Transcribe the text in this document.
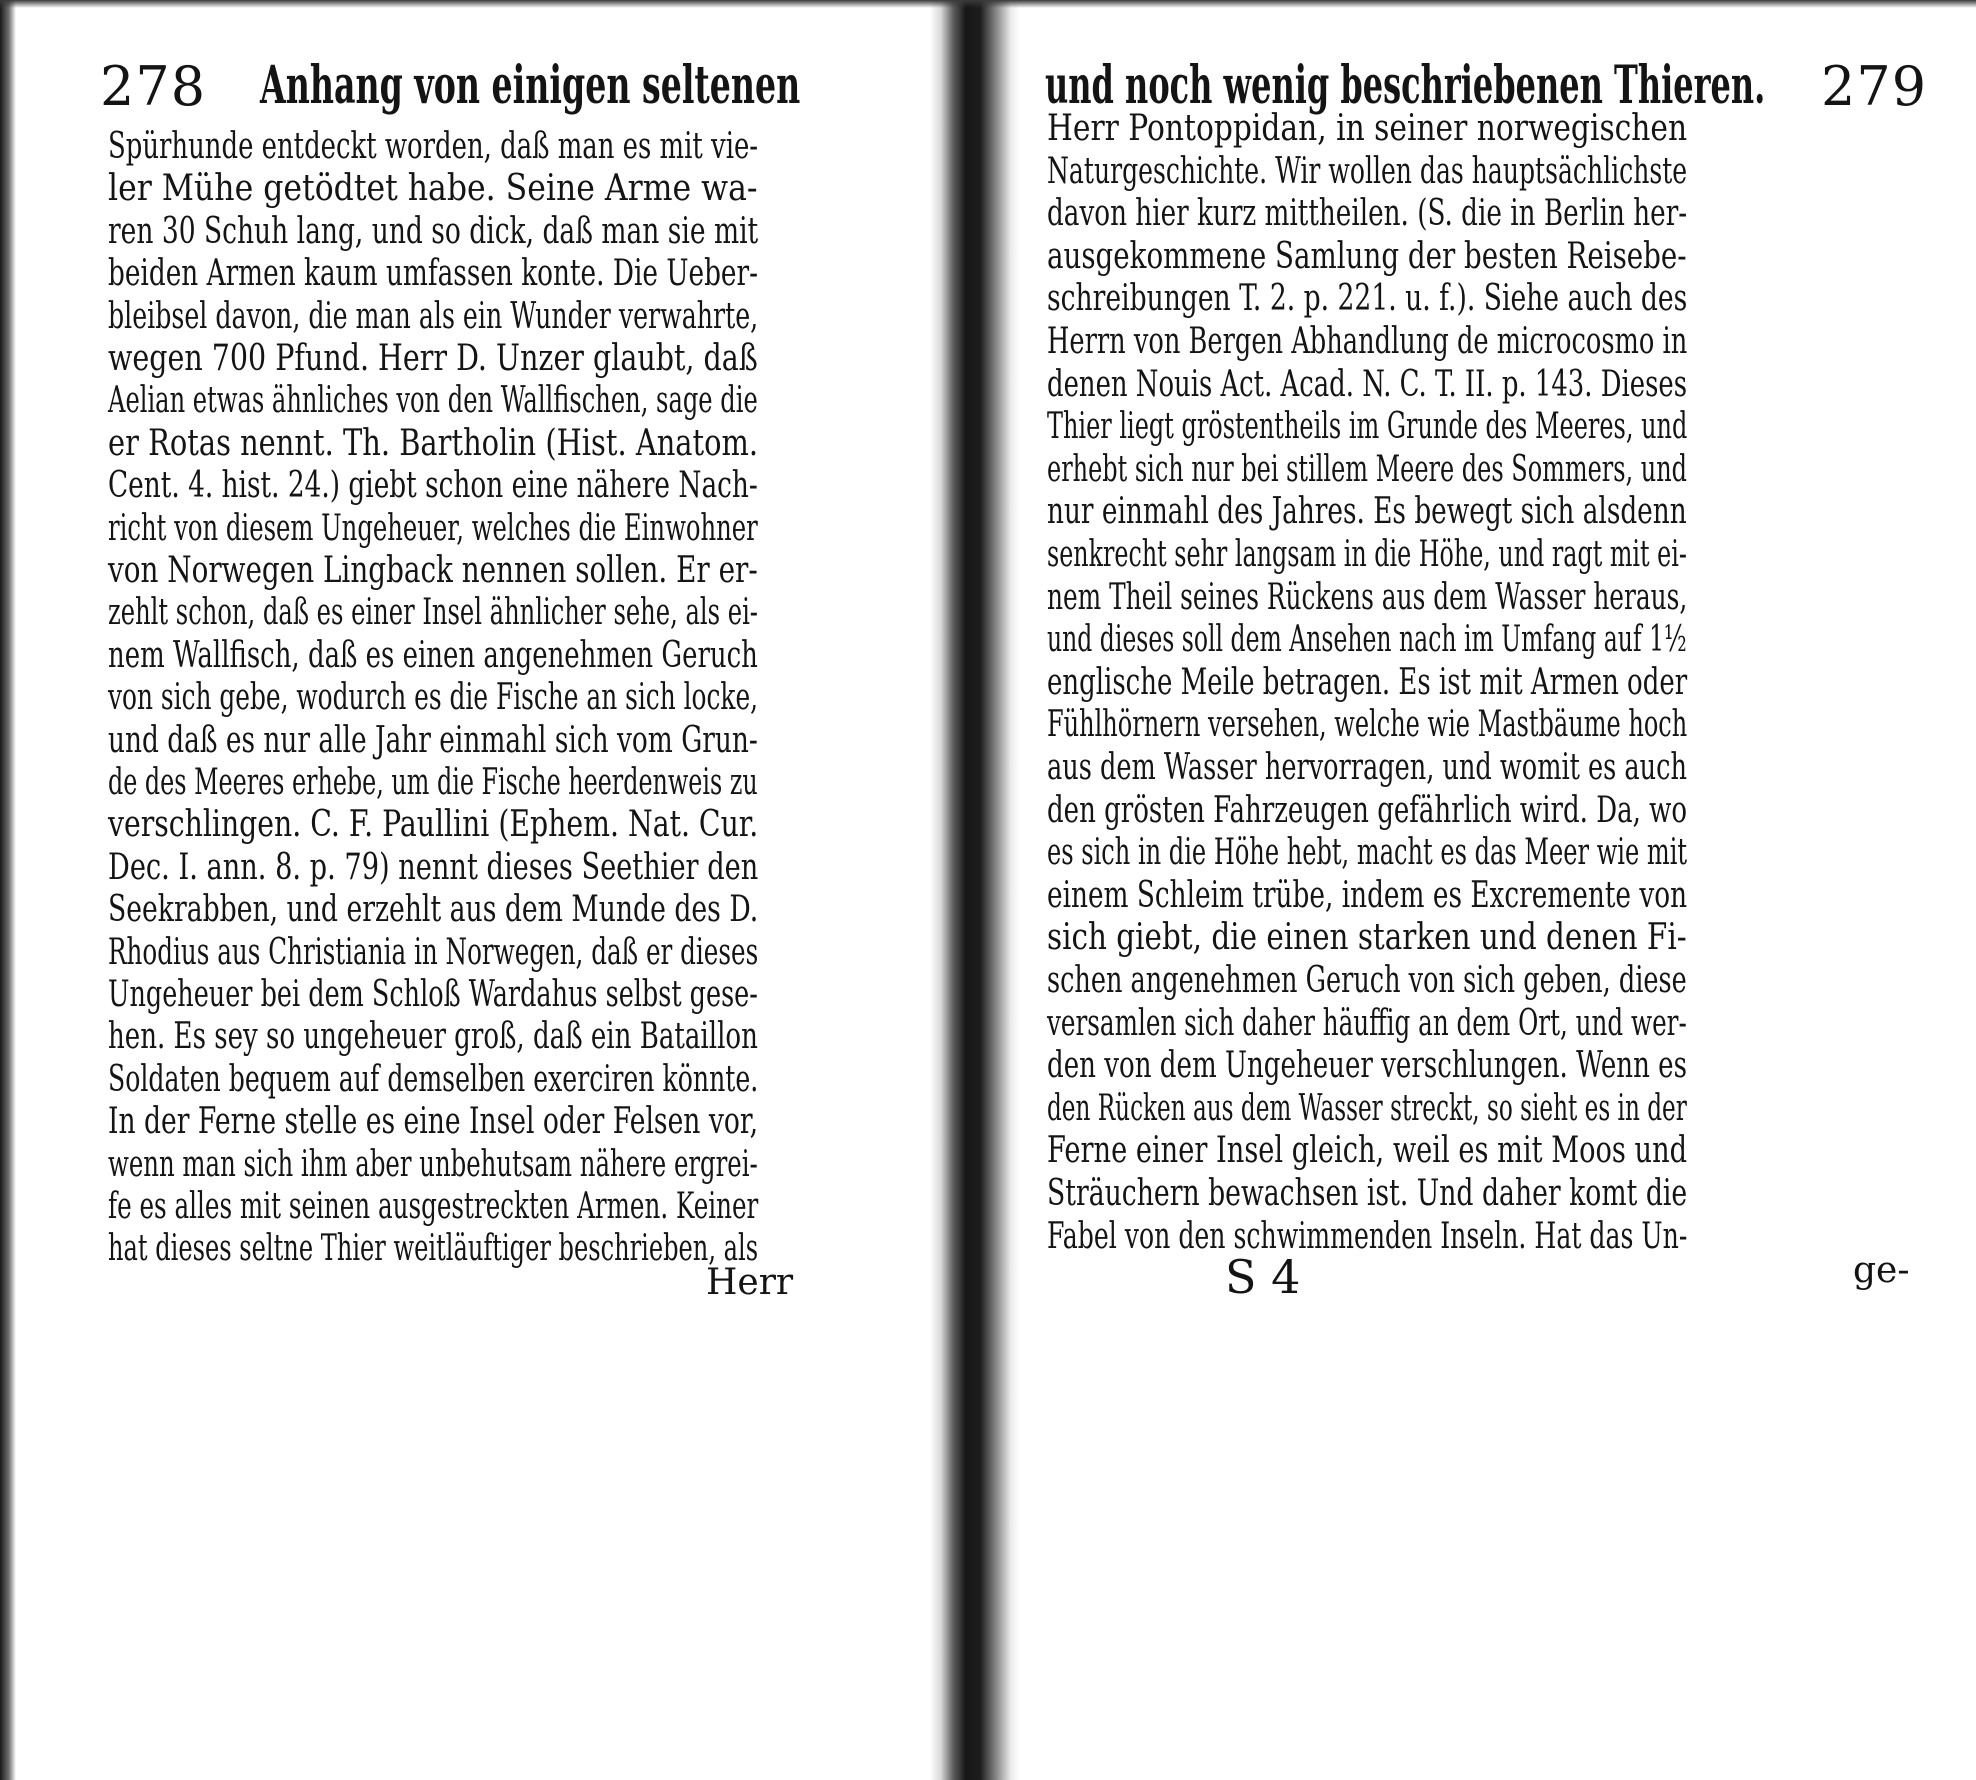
278 Anhang von einigen seltenen
Spürhunde entdeckt worden, daß man es mit vie-
ler Mühe getödtet habe. Seine Arme wa-
ren 30 Schuh lang, und so dick, daß man sie mit
beiden Armen kaum umfassen konte. Die Ueber-
bleibsel davon, die man als ein Wunder verwahrte,
wegen 700 Pfund. Herr D. Unzer glaubt, daß
Aelian etwas ähnliches von den Wallfischen, sage die
er Rotas nennt. Th. Bartholin (Hist. Anatom.
Cent. 4. hist. 24.) giebt schon eine nähere Nach-
richt von diesem Ungeheuer, welches die Einwohner
von Norwegen Lingback nennen sollen. Er er-
zehlt schon, daß es einer Insel ähnlicher sehe, als ei-
nem Wallfisch, daß es einen angenehmen Geruch
von sich gebe, wodurch es die Fische an sich locke,
und daß es nur alle Jahr einmahl sich vom Grun-
de des Meeres erhebe, um die Fische heerdenweis zu
verschlingen. C. F. Paullini (Ephem. Nat. Cur.
Dec. I. ann. 8. p. 79) nennt dieses Seethier den
Seekrabben, und erzehlt aus dem Munde des D.
Rhodius aus Christiania in Norwegen, daß er dieses
Ungeheuer bei dem Schloß Wardahus selbst gese-
hen. Es sey so ungeheuer groß, daß ein Bataillon
Soldaten bequem auf demselben exerciren könnte.
In der Ferne stelle es eine Insel oder Felsen vor,
wenn man sich ihm aber unbehutsam nähere ergrei-
fe es alles mit seinen ausgestreckten Armen. Keiner
hat dieses seltne Thier weitläuftiger beschrieben, als
Herr
und noch wenig beschriebenen Thieren. 279
Herr Pontoppidan, in seiner norwegischen
Naturgeschichte. Wir wollen das hauptsächlichste
davon hier kurz mittheilen. (S. die in Berlin her-
ausgekommene Samlung der besten Reisebe-
schreibungen T. 2. p. 221. u. f.). Siehe auch des
Herrn von Bergen Abhandlung de microcosmo in
denen Nouis Act. Acad. N. C. T. II. p. 143. Dieses
Thier liegt gröstentheils im Grunde des Meeres, und
erhebt sich nur bei stillem Meere des Sommers, und
nur einmahl des Jahres. Es bewegt sich alsdenn
senkrecht sehr langsam in die Höhe, und ragt mit ei-
nem Theil seines Rückens aus dem Wasser heraus,
und dieses soll dem Ansehen nach im Umfang auf 1½
englische Meile betragen. Es ist mit Armen oder
Fühlhörnern versehen, welche wie Mastbäume hoch
aus dem Wasser hervorragen, und womit es auch
den grösten Fahrzeugen gefährlich wird. Da, wo
es sich in die Höhe hebt, macht es das Meer wie mit
einem Schleim trübe, indem es Excremente von
sich giebt, die einen starken und denen Fi-
schen angenehmen Geruch von sich geben, diese
versamlen sich daher häuffig an dem Ort, und wer-
den von dem Ungeheuer verschlungen. Wenn es
den Rücken aus dem Wasser streckt, so sieht es in der
Ferne einer Insel gleich, weil es mit Moos und
Sträuchern bewachsen ist. Und daher komt die
Fabel von den schwimmenden Inseln. Hat das Un-
S 4	ge-
